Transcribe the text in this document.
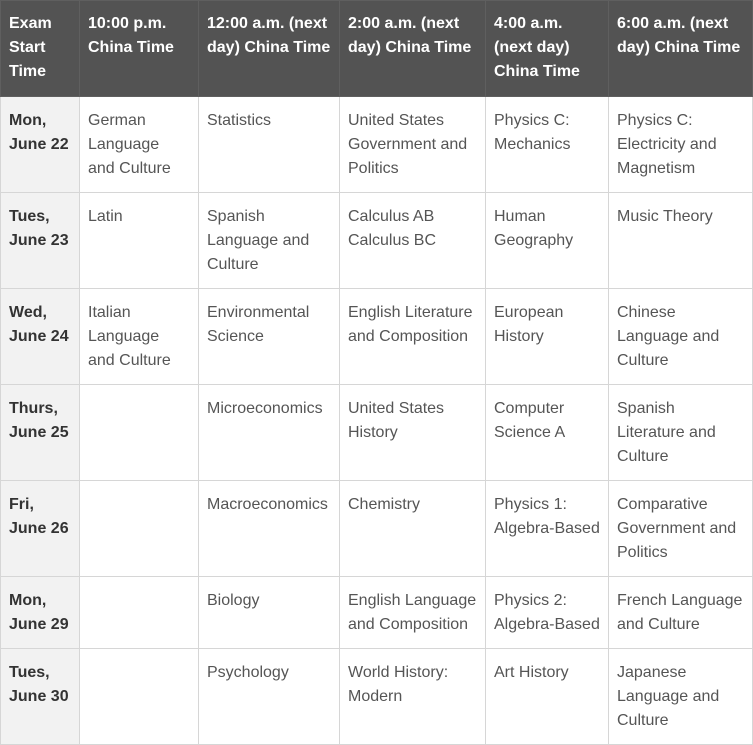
Exam Start Time	10:00 p.m. China Time	12:00 a.m. (next day) China Time	2:00 a.m. (next day) China Time	4:00 a.m. (next day) China Time	6:00 a.m. (next day) China Time
Mon, June 22	German Language and Culture	Statistics	United States Government and Politics	Physics C: Mechanics	Physics C: Electricity and Magnetism
Tues, June 23	Latin	Spanish Language and Culture	Calculus AB Calculus BC	Human Geography	Music Theory
Wed, June 24	Italian Language and Culture	Environmental Science	English Literature and Composition	European History	Chinese Language and Culture
Thurs, June 25		Microeconomics	United States History	Computer Science A	Spanish Literature and Culture
Fri, June 26		Macroeconomics	Chemistry	Physics 1: Algebra-Based	Comparative Government and Politics
Mon, June 29		Biology	English Language and Composition	Physics 2: Algebra-Based	French Language and Culture
Tues, June 30		Psychology	World History: Modern	Art History	Japanese Language and Culture
